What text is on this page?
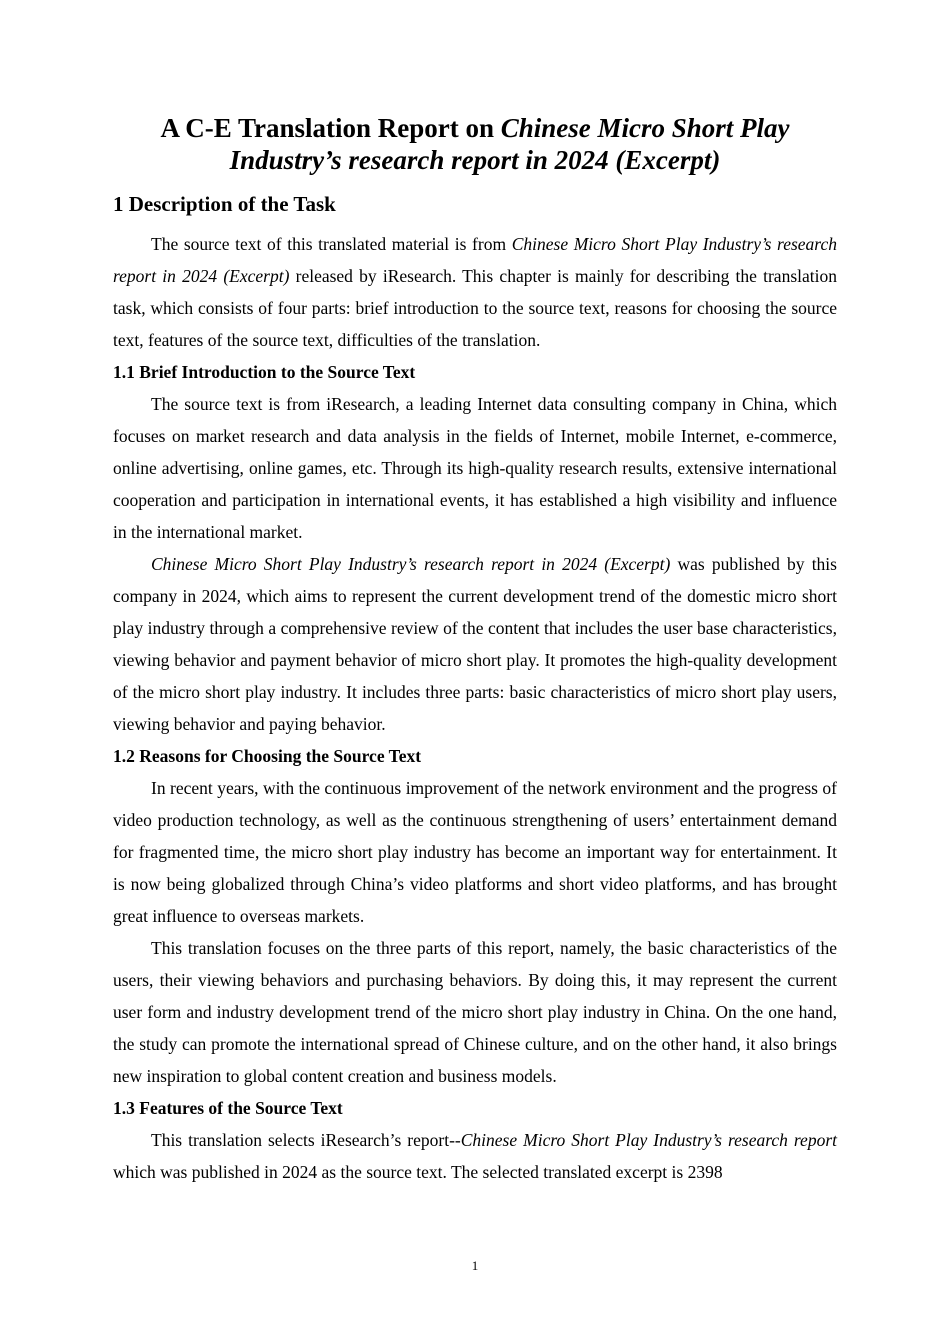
A C-E Translation Report on Chinese Micro Short Play
Industry’s research report in 2024 (Excerpt)
1 Description of the Task

The source text of this translated material is from Chinese Micro Short Play Industry’s research report in 2024 (Excerpt) released by iResearch. This chapter is mainly for describing the translation task, which consists of four parts: brief introduction to the source text, reasons for choosing the source text, features of the source text, difficulties of the translation.

1.1 Brief Introduction to the Source Text

The source text is from iResearch, a leading Internet data consulting company in China, which focuses on market research and data analysis in the fields of Internet, mobile Internet, e-commerce, online advertising, online games, etc. Through its high-quality research results, extensive international cooperation and participation in international events, it has established a high visibility and influence in the international market.

Chinese Micro Short Play Industry’s research report in 2024 (Excerpt) was published by this company in 2024, which aims to represent the current development trend of the domestic micro short play industry through a comprehensive review of the content that includes the user base characteristics, viewing behavior and payment behavior of micro short play. It promotes the high-quality development of the micro short play industry. It includes three parts: basic characteristics of micro short play users, viewing behavior and paying behavior.

1.2 Reasons for Choosing the Source Text

In recent years, with the continuous improvement of the network environment and the progress of video production technology, as well as the continuous strengthening of users’ entertainment demand for fragmented time, the micro short play industry has become an important way for entertainment. It is now being globalized through China’s video platforms and short video platforms, and has brought great influence to overseas markets.

This translation focuses on the three parts of this report, namely, the basic characteristics of the users, their viewing behaviors and purchasing behaviors. By doing this, it may represent the current user form and industry development trend of the micro short play industry in China. On the one hand, the study can promote the international spread of Chinese culture, and on the other hand, it also brings new inspiration to global content creation and business models.

1.3 Features of the Source Text

This translation selects iResearch’s report--Chinese Micro Short Play Industry’s research report which was published in 2024 as the source text. The selected translated excerpt is 2398

1
